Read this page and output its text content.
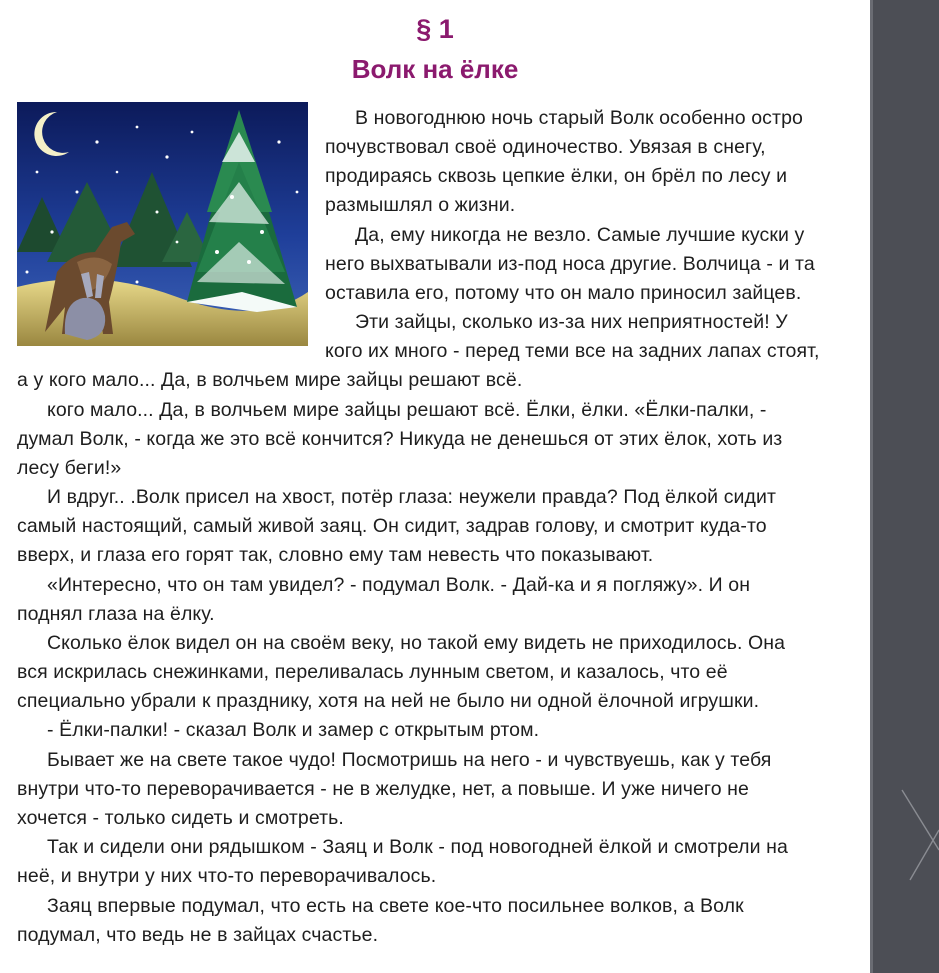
§ 1
Волк на ёлке
В новогоднюю ночь старый Волк особенно остро
почувствовал своё одиночество. Увязая в снегу,
продираясь сквозь цепкие ёлки, он брёл по лесу и
размышлял о жизни.
Да, ему никогда не везло. Самые лучшие куски у
него выхватывали из-под носа другие. Волчица - и та
оставила его, потому что он мало приносил зайцев.
Эти зайцы, сколько из-за них неприятностей! У
кого их много - перед теми все на задних лапах стоят,
а у кого мало... Да, в волчьем мире зайцы решают всё.
кого мало... Да, в волчьем мире зайцы решают всё. Ёлки, ёлки. «Ёлки-палки, -
думал Волк, - когда же это всё кончится? Никуда не денешься от этих ёлок, хоть из
лесу беги!»
И вдруг.. .Волк присел на хвост, потёр глаза: неужели правда? Под ёлкой сидит
самый настоящий, самый живой заяц. Он сидит, задрав голову, и смотрит куда-то
вверх, и глаза его горят так, словно ему там невесть что показывают.
«Интересно, что он там увидел? - подумал Волк. - Дай-ка и я погляжу». И он
поднял глаза на ёлку.
Сколько ёлок видел он на своём веку, но такой ему видеть не приходилось. Она
вся искрилась снежинками, переливалась лунным светом, и казалось, что её
специально убрали к празднику, хотя на ней не было ни одной ёлочной игрушки.
- Ёлки-палки! - сказал Волк и замер с открытым ртом.
Бывает же на свете такое чудо! Посмотришь на него - и чувствуешь, как у тебя
внутри что-то переворачивается - не в желудке, нет, а повыше. И уже ничего не
хочется - только сидеть и смотреть.
Так и сидели они рядышком - Заяц и Волк - под новогодней ёлкой и смотрели на
неё, и внутри у них что-то переворачивалось.
Заяц впервые подумал, что есть на свете кое-что посильнее волков, а Волк
подумал, что ведь не в зайцах счастье.
